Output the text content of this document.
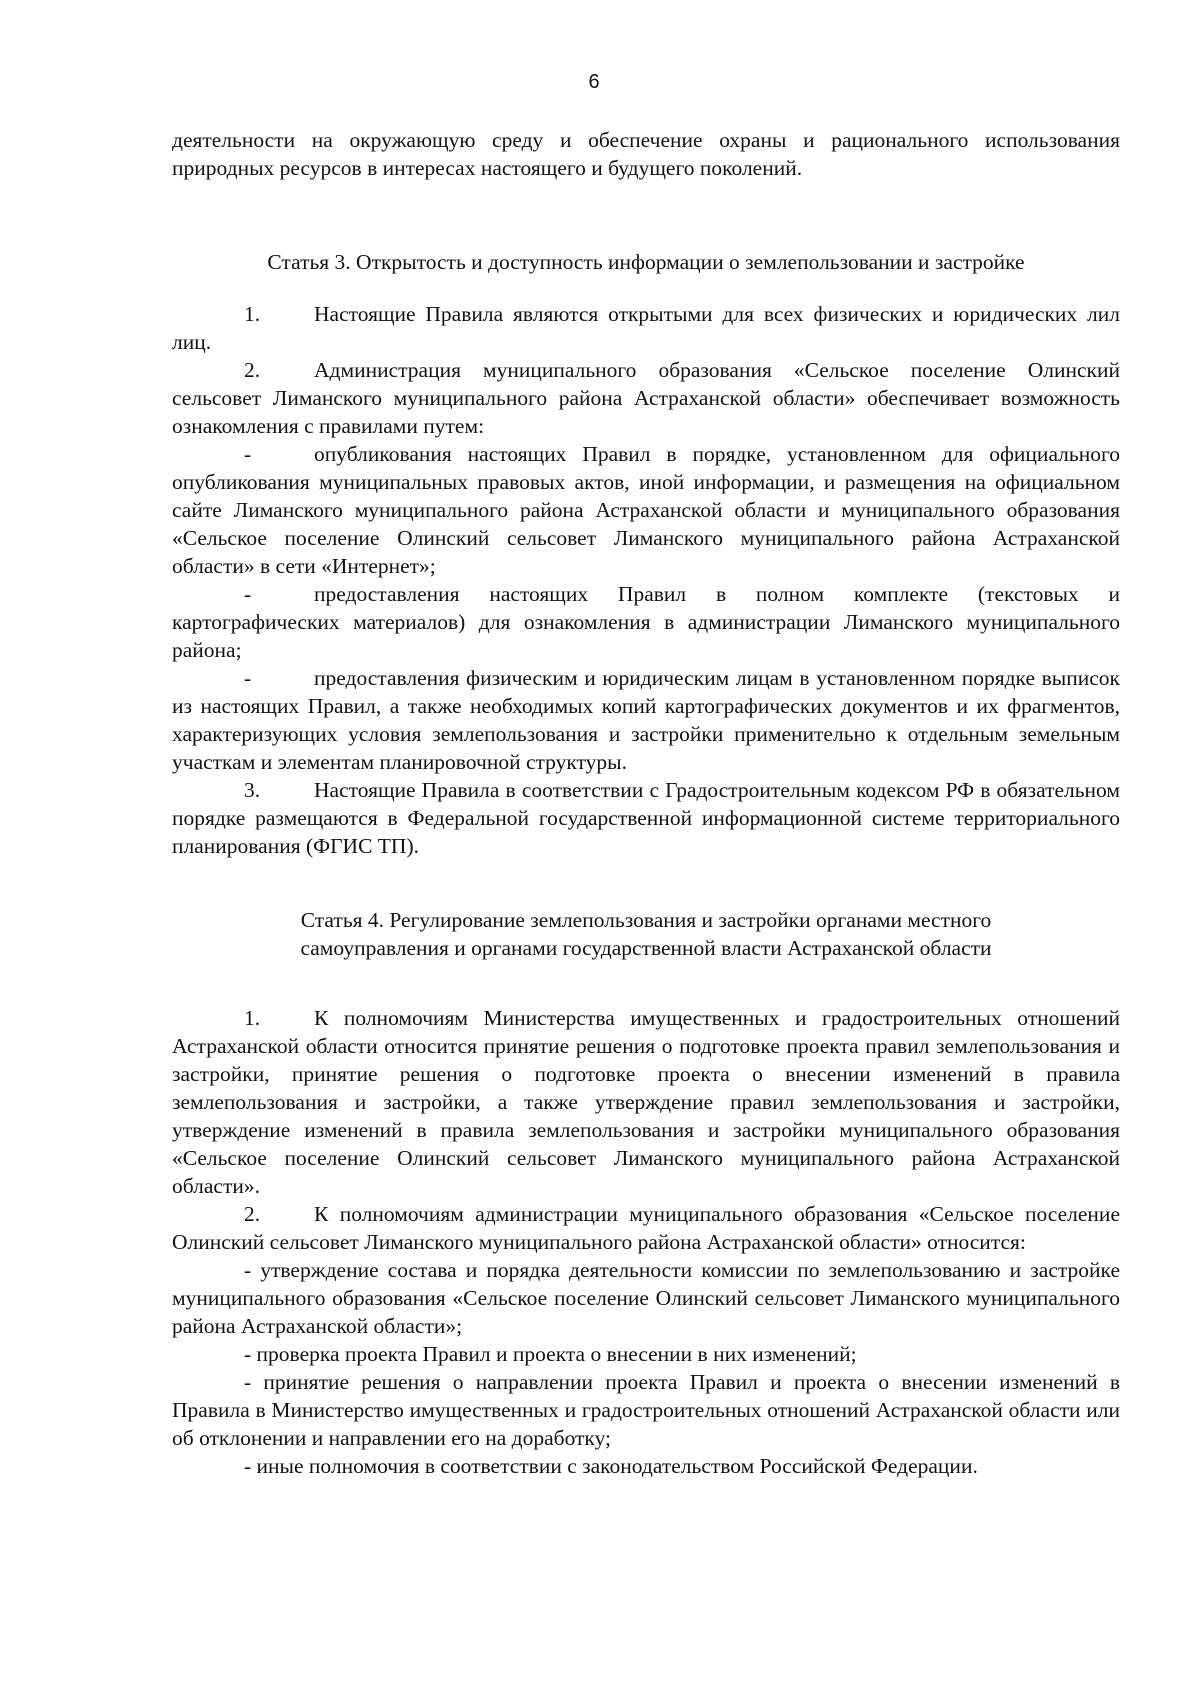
6

деятельности на окружающую среду и обеспечение охраны и рационального использования природных ресурсов в интересах настоящего и будущего поколений.

Статья 3. Открытость и доступность информации о землепользовании и застройке

1.	Настоящие Правила являются открытыми для всех физических и юридических лил лиц.

2.	Администрация муниципального образования «Сельское поселение Олинский сельсовет Лиманского муниципального района Астраханской области» обеспечивает возможность ознакомления с правилами путем:

-	опубликования настоящих Правил в порядке, установленном для официального опубликования муниципальных правовых актов, иной информации, и размещения на официальном сайте Лиманского муниципального района Астраханской области и муниципального образования «Сельское поселение Олинский сельсовет Лиманского муниципального района Астраханской области» в сети «Интернет»;

-	предоставления настоящих Правил в полном комплекте (текстовых и картографических материалов) для ознакомления в администрации Лиманского муниципального района;

-	предоставления физическим и юридическим лицам в установленном порядке выписок из настоящих Правил, а также необходимых копий картографических документов и их фрагментов, характеризующих условия землепользования и застройки применительно к отдельным земельным участкам и элементам планировочной структуры.

3.	Настоящие Правила в соответствии с Градостроительным кодексом РФ в обязательном порядке размещаются в Федеральной государственной информационной системе территориального планирования (ФГИС ТП).

Статья 4. Регулирование землепользования и застройки органами местного

самоуправления и органами государственной власти Астраханской области

1.	К полномочиям Министерства имущественных и градостроительных отношений Астраханской области относится принятие решения о подготовке проекта правил землепользования и застройки, принятие решения о подготовке проекта о внесении изменений в правила землепользования и застройки, а также утверждение правил землепользования и застройки, утверждение изменений в правила землепользования и застройки муниципального образования «Сельское поселение Олинский сельсовет Лиманского муниципального района Астраханской области».

2.	К полномочиям администрации муниципального образования «Сельское поселение Олинский сельсовет Лиманского муниципального района Астраханской области» относится:

- утверждение состава и порядка деятельности комиссии по землепользованию и застройке муниципального образования «Сельское поселение Олинский сельсовет Лиманского муниципального района Астраханской области»;

- проверка проекта Правил и проекта о внесении в них изменений;

- принятие решения о направлении проекта Правил и проекта о внесении изменений в Правила в Министерство имущественных и градостроительных отношений Астраханской области или об отклонении и направлении его на доработку;

- иные полномочия в соответствии с законодательством Российской Федерации.
